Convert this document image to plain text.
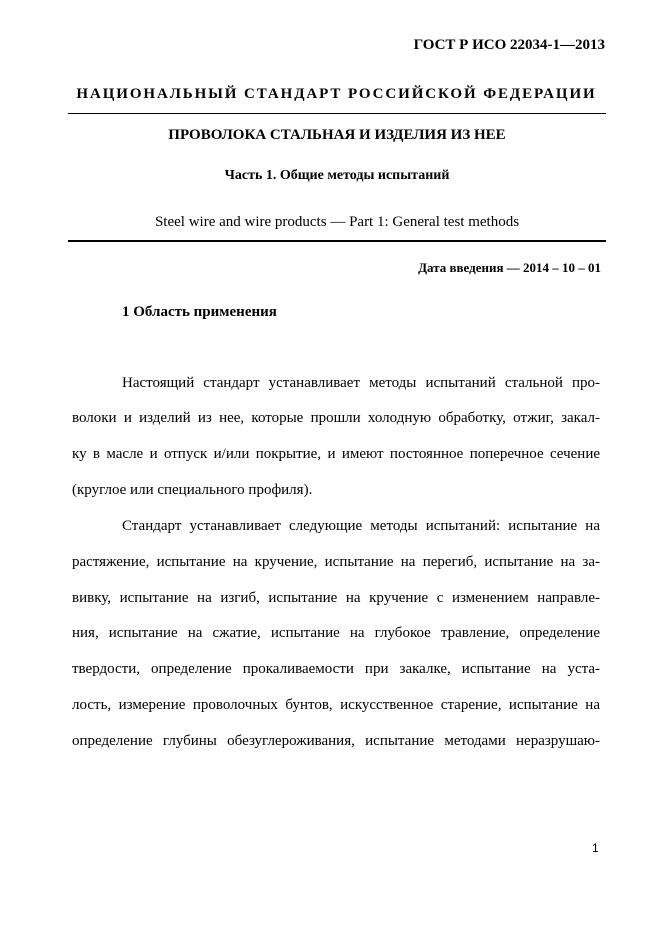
ГОСТ Р ИСО 22034-1—2013
НАЦИОНАЛЬНЫЙ СТАНДАРТ РОССИЙСКОЙ ФЕДЕРАЦИИ
ПРОВОЛОКА СТАЛЬНАЯ И ИЗДЕЛИЯ ИЗ НЕЕ
Часть 1. Общие методы испытаний
Steel wire and wire products — Part 1: General test methods
Дата введения — 2014 – 10 – 01
1 Область применения
Настоящий стандарт устанавливает методы испытаний стальной про-
волоки и изделий из нее, которые прошли холодную обработку, отжиг, закал-
ку в масле и отпуск и/или покрытие, и имеют постоянное поперечное сечение
(круглое или специального профиля).
Стандарт устанавливает следующие методы испытаний: испытание на
растяжение, испытание на кручение, испытание на перегиб, испытание на за-
вивку, испытание на изгиб, испытание на кручение с изменением направле-
ния, испытание на сжатие, испытание на глубокое травление, определение
твердости, определение прокаливаемости при закалке, испытание на уста-
лость, измерение проволочных бунтов, искусственное старение, испытание на
определение глубины обезуглероживания, испытание методами неразрушаю-
1
